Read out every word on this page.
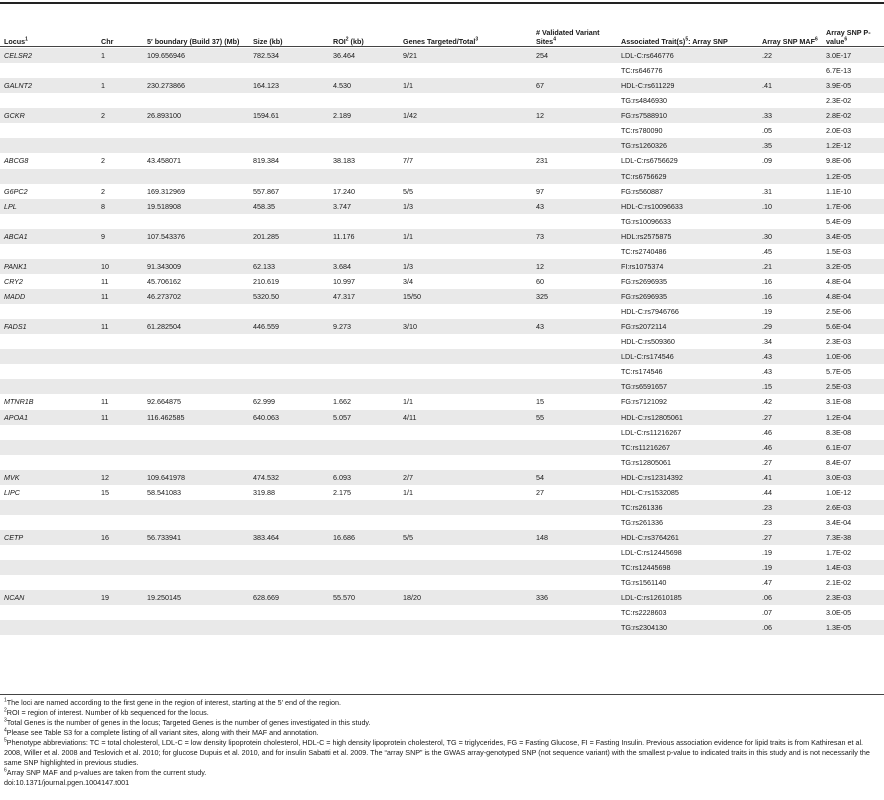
Locus$^1$	Chr	5′ boundary (Build 37) (Mb)	Size (kb)	ROI$^2$ (kb)	Genes Targeted/Total$^3$	# Validated Variant Sites$^4$	Associated $Trait(s)^5$: Array SNP	Array SNP MAF$^6$	Array SNP P-value$^6$
CELSR2	1	109.656946	782.534	36.464	9/21	254	LDL-C:rs646776	.22	3.0E-17
							TC:rs646776		6.7E-13
GALNT2	1	230.273866	164.123	4.530	1/1	67	HDL-C:rs611229	.41	3.9E-05
							TG:rs4846930		2.3E-02
GCKR	2	26.893100	1594.61	2.189	1/42	12	FG:rs7588910	.33	2.8E-02
							TC:rs780090	.05	2.0E-03
							TG:rs1260326	.35	1.2E-12
ABCG8	2	43.458071	819.384	38.183	7/7	231	LDL-C:rs6756629	.09	9.8E-06
							TC:rs6756629		1.2E-05
G6PC2	2	169.312969	557.867	17.240	5/5	97	FG:rs560887	.31	1.1E-10
LPL	8	19.518908	458.35	3.747	1/3	43	HDL-C:rs10096633	.10	1.7E-06
							TG:rs10096633		5.4E-09
ABCA1	9	107.543376	201.285	11.176	1/1	73	HDL:rs2575875	.30	3.4E-05
							TC:rs2740486	.45	1.5E-03
PANK1	10	91.343009	62.133	3.684	1/3	12	FI:rs1075374	.21	3.2E-05
CRY2	11	45.706162	210.619	10.997	3/4	60	FG:rs2696935	.16	4.8E-04
MADD	11	46.273702	5320.50	47.317	15/50	325	FG:rs2696935	.16	4.8E-04
							HDL-C:rs7946766	.19	2.5E-06
FADS1	11	61.282504	446.559	9.273	3/10	43	FG:rs2072114	.29	5.6E-04
							HDL-C:rs509360	.34	2.3E-03
							LDL-C:rs174546	.43	1.0E-06
							TC:rs174546	.43	5.7E-05
							TG:rs6591657	.15	2.5E-03
MTNR1B	11	92.664875	62.999	1.662	1/1	15	FG:rs7121092	.42	3.1E-08
APOA1	11	116.462585	640.063	5.057	4/11	55	HDL-C:rs12805061	.27	1.2E-04
							LDL-C:rs11216267	.46	8.3E-08
							TC:rs11216267	.46	6.1E-07
							TG:rs12805061	.27	8.4E-07
MVK	12	109.641978	474.532	6.093	2/7	54	HDL-C:rs12314392	.41	3.0E-03
LIPC	15	58.541083	319.88	2.175	1/1	27	HDL-C:rs1532085	.44	1.0E-12
							TC:rs261336	.23	2.6E-03
							TG:rs261336	.23	3.4E-04
CETP	16	56.733941	383.464	16.686	5/5	148	HDL-C:rs3764261	.27	7.3E-38
							LDL-C:rs12445698	.19	1.7E-02
							TC:rs12445698	.19	1.4E-03
							TG:rs1561140	.47	2.1E-02
NCAN	19	19.250145	628.669	55.570	18/20	336	LDL-C:rs12610185	.06	2.3E-03
							TC:rs2228603	.07	3.0E-05
							TG:rs2304130	.06	1.3E-05
$^1$The loci are named according to the first gene in the region of interest, starting at the 5′ end of the region.
$^2$ROI = region of interest. Number of kb sequenced for the locus.
$^3$Total Genes is the number of genes in the locus; Targeted Genes is the number of genes investigated in this study.
$^4$Please see Table S3 for a complete listing of all variant sites, along with their MAF and annotation.
$^5$Phenotype abbreviations: TC = total cholesterol, LDL-C = low density lipoprotein cholesterol, HDL-C = high density lipoprotein cholesterol, TG = triglycerides, FG = Fasting Glucose, FI = Fasting Insulin. Previous association evidence for lipid traits is from Kathiresan et al. 2008, Willer et al. 2008 and Teslovich et al. 2010; for glucose Dupuis et al. 2010, and for insulin Sabatti et al. 2009. The “array SNP” is the GWAS array-genotyped SNP (not sequence variant) with the smallest p-value to indicated traits in this study and is not necessarily the same SNP highlighted in previous studies.
$^6$Array SNP MAF and p-values are taken from the current study.
doi:10.1371/journal.pgen.1004147.t001
